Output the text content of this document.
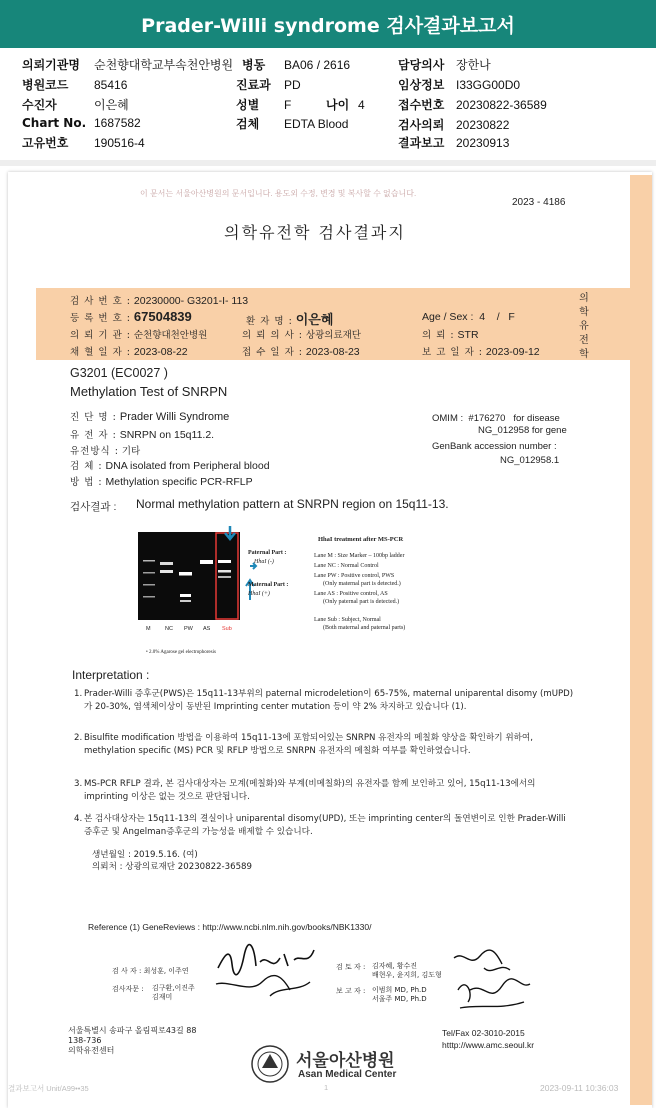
Prader-Willi syndrome 검사결과보고서
의뢰기관명 순천향대학교부속천안병원
병원코드 85416
수진자	이은혜
Chart No. 1687582
고유번호 190516-4
병동 BA06 / 2616
진료과 PD
성별 F	나이 4
검체 EDTA Blood
담당의사 장한나
임상정보 I33GG00D0
접수번호 20230822-36589
검사의뢰 20230822
결과보고 20230913
이 문서는 서울아산병원의 문서입니다. 용도외 수정, 변경 및 복사할 수 없습니다.
2023 - 4186
의학유전학 검사결과지
검 사 번 호 : 20230000- G3201-I- 113
등 록 번 호 : 67504839	환 자 명 : 이은혜	Age / Sex : 4    /   F
의 뢰 기 관 : 순천향대천안병원	의 뢰 의 사 : 상광의료재단	의 뢰 : STR
채 혈 일 자 : 2023-08-22	접 수 일 자 : 2023-08-23	보 고 일 자 : 2023-09-12
의학유전학
G3201 (EC0027 )
Methylation Test of SNRPN
진 단 명 : Prader Willi Syndrome
유 전 자 : SNRPN on 15q11.2.
유전방식 : 기타
검 체 : DNA isolated from Peripheral blood
방 법 : Methylation specific PCR-RFLP
OMIM : #176270 for disease
NG_012958 for gene
GenBank accession number :
NG_012958.1
검사결과 : Normal methylation pattern at SNRPN region on 15q11-13.
M	NC PW AS Sub
Paternal Part :
HhaI (-)
Maternal Part :
HhaI (+)
• 2.0% Agarose gel electrophoresis
HhaI treatment after MS-PCR
Lane M : Size Marker – 100bp ladder
Lane NC : Normal Control
Lane PW : Positive control, PWS
(Only maternal part is detected.)
Lane AS : Positive control, AS
(Only paternal part is detected.)
Lane Sub : Subject, Normal
(Both maternal and paternal parts)
Interpretation :
1. Prader-Willi 증후군(PWS)은 15q11-13부위의 paternal microdeletion이 65-75%, maternal uniparental disomy (mUPD)가 20-30%, 염색체이상이 동반된 Imprinting center mutation 등이 약 2% 차지하고 있습니다 (1).
2. Bisulfite modification 방법을 이용하여 15q11-13에 포함되어있는 SNRPN 유전자의 메칠화 양상을 확인하기 위하여, methylation specific (MS) PCR 및 RFLP 방법으로 SNRPN 유전자의 메칠화 여부를 확인하였습니다.
3. MS-PCR RFLP 결과, 본 검사대상자는 모계(메칠화)와 부계(비메칠화)의 유전자를 함께 보인하고 있어, 15q11-13에서의 imprinting 이상은 없는 것으로 판단됩니다.
4. 본 검사대상자는 15q11-13의 결실이나 uniparental disomy(UPD), 또는 imprinting center의 돌연변이로 인한 Prader-Willi증후군 및 Angelman증후군의 가능성을 배제할 수 있습니다.
생년월일 : 2019.5.16. (여)
의뢰처 : 상광의료재단 20230822-36589
Reference (1) GeneReviews : http://www.ncbi.nlm.nih.gov/books/NBK1330/
검 사 자 : 최성훈, 이주연
검사자문 : 김구환,이진주
김재미
검 토 자 : 김자혜, 황수진
배현우, 윤지희, 김도형
보 고 자 : 이범희 MD, Ph.D
서울주 MD, Ph.D
서울특별시 송파구 올림픽로43길 88
138-736
의학유전센터
Tel/Fax 02-3010-2015
htttp://www.amc.seoul.kr
서울아산병원
Asan Medical Center
결과보고서 Unit/A99••35	1	2023-09-11 10:36:03
